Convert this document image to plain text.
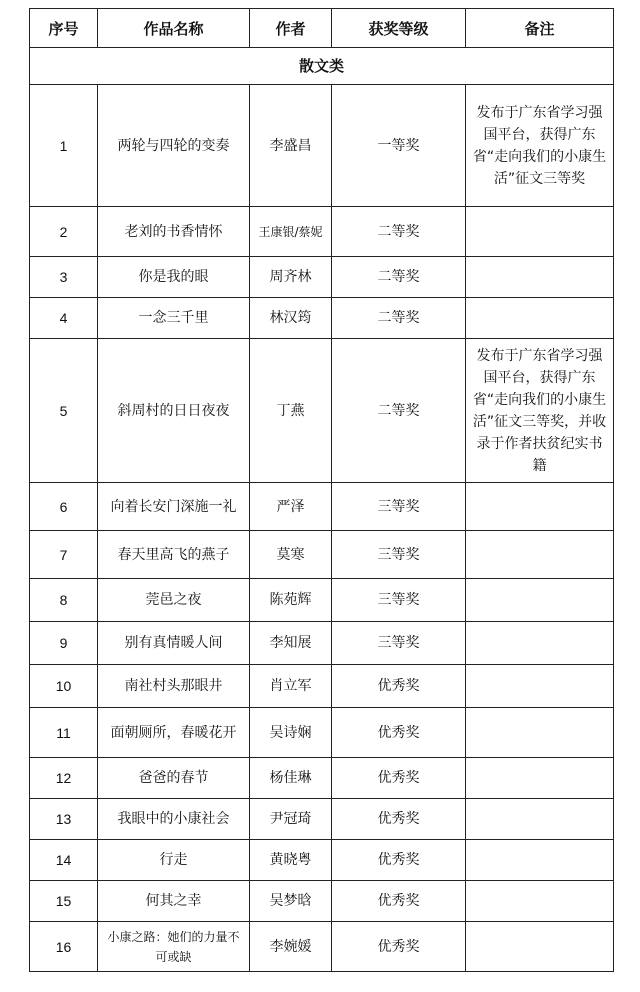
序号	作品名称	作者	获奖等级	备注
散文类				
1	两轮与四轮的变奏	李盛昌	一等奖	发布于广东省学习强国平台，获得广东省“走向我们的小康生活”征文三等奖
2	老刘的书香情怀	王康银/蔡妮	二等奖	
3	你是我的眼	周齐林	二等奖	
4	一念三千里	林汉筠	二等奖	
5	斜周村的日日夜夜	丁燕	二等奖	发布于广东省学习强国平台，获得广东省“走向我们的小康生活”征文三等奖，并收录于作者扶贫纪实书籍
6	向着长安门深施一礼	严泽	三等奖	
7	春天里高飞的燕子	莫寒	三等奖	
8	莞邑之夜	陈苑辉	三等奖	
9	别有真情暖人间	李知展	三等奖	
10	南社村头那眼井	肖立军	优秀奖	
11	面朝厕所，春暖花开	吴诗娴	优秀奖	
12	爸爸的春节	杨佳琳	优秀奖	
13	我眼中的小康社会	尹冠琦	优秀奖	
14	行走	黄晓粤	优秀奖	
15	何其之幸	吴梦晗	优秀奖	
16	小康之路：她们的力量不可或缺	李婉媛	优秀奖	
